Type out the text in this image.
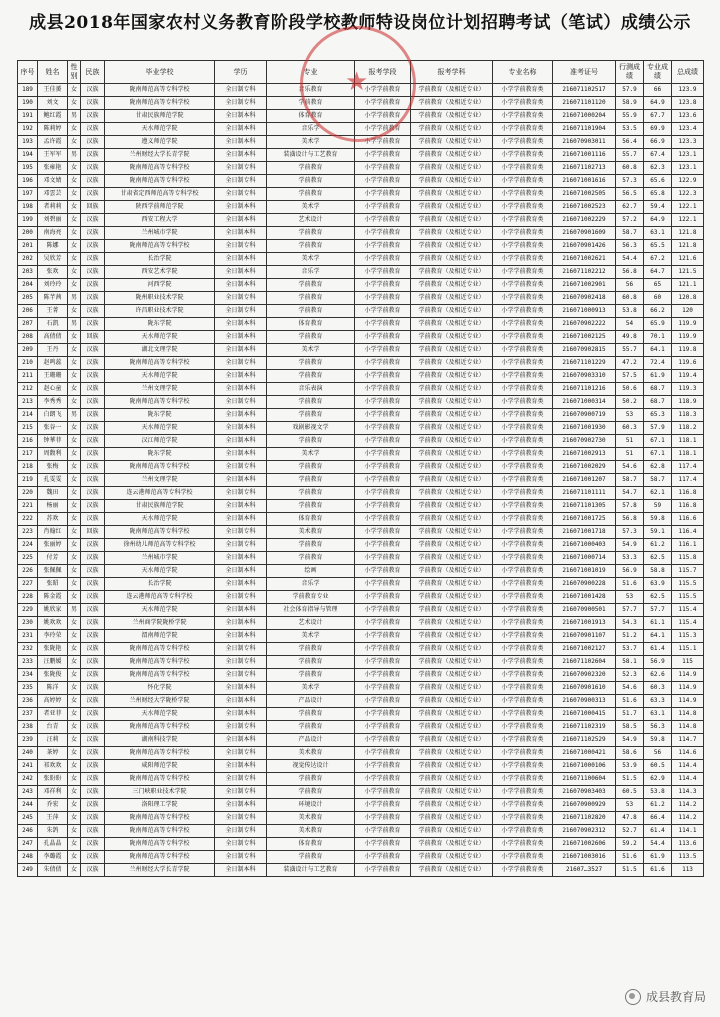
成县2018年国家农村义务教育阶段学校教师特设岗位计划招聘考试（笔试）成绩公示
序号	姓名	性别	民族	毕业学校	学历	专业	报考学段	报考学科	专业名称	准考证号	行测成绩	专业成绩	总成绩
189	王佳赟	女	汉族	陇南师范高等专科学校	全日制专科	音乐教育	小学学前教育	学前教育（及相近专业）	小学学前教育类	216071102517	57.9	66	123.9
190	刘文	女	汉族	陇南师范高等专科学校	全日制专科	学前教育	小学学前教育	学前教育（及相近专业）	小学学前教育类	216071101120	58.9	64.9	123.8
191	鲍红霞	男	汉族	甘肃民族师范学院	全日制本科	体育教育	小学学前教育	学前教育（及相近专业）	小学学前教育类	216071000204	55.9	67.7	123.6
192	陈莉婷	女	汉族	天水师范学院	全日制本科	音乐学	小学学前教育	学前教育（及相近专业）	小学学前教育类	216071101904	53.5	69.9	123.4
193	孟许霞	女	汉族	遵义师范学院	全日制本科	美术学	小学学前教育	学前教育（及相近专业）	小学学前教育类	216070903011	56.4	66.9	123.3
194	王军军	男	汉族	兰州财经大学长青学院	全日制本科	装潢设计与工艺教育	小学学前教育	学前教育（及相近专业）	小学学前教育类	216071001116	55.7	67.4	123.1
195	张雍艳	女	汉族	陇南师范高等专科学校	全日制专科	学前教育	小学学前教育	学前教育（及相近专业）	小学学前教育类	216071102713	60.8	62.3	123.1
196	邓文婧	女	汉族	陇南师范高等专科学校	全日制专科	学前教育	小学学前教育	学前教育（及相近专业）	小学学前教育类	216071001616	57.3	65.6	122.9
197	邓雲芸	女	汉族	甘肃省定西师范高等专科学校	全日制专科	学前教育	小学学前教育	学前教育（及相近专业）	小学学前教育类	216071002505	56.5	65.8	122.3
198	者莉莉	女	回族	陕西学前师范学院	全日制本科	美术学	小学学前教育	学前教育（及相近专业）	小学学前教育类	216071002523	62.7	59.4	122.1
199	刘碧丽	女	汉族	西安工程大学	全日制本科	艺术设计	小学学前教育	学前教育（及相近专业）	小学学前教育类	216071002229	57.2	64.9	122.1
200	南海亮	女	汉族	兰州城市学院	全日制本科	学前教育	小学学前教育	学前教育（及相近专业）	小学学前教育类	216070901609	58.7	63.1	121.8
201	陈娜	女	汉族	陇南师范高等专科学校	全日制专科	学前教育	小学学前教育	学前教育（及相近专业）	小学学前教育类	216070901426	56.3	65.5	121.8
202	吴欣芳	女	汉族	长治学院	全日制本科	美术学	小学学前教育	学前教育（及相近专业）	小学学前教育类	216071002621	54.4	67.2	121.6
203	张欢	女	汉族	西安艺术学院	全日制本科	音乐学	小学学前教育	学前教育（及相近专业）	小学学前教育类	216071102212	56.8	64.7	121.5
204	刘玲玲	女	汉族	河西学院	全日制本科	学前教育	小学学前教育	学前教育（及相近专业）	小学学前教育类	216071002901	56	65	121.1
205	陈芊茜	男	汉族	陇州职业技术学院	全日制专科	学前教育	小学学前教育	学前教育（及相近专业）	小学学前教育类	216070902418	60.8	60	120.8
206	王菁	女	汉族	许昌职业技术学院	全日制专科	学前教育	小学学前教育	学前教育（及相近专业）	小学学前教育类	216071000913	53.8	66.2	120
207	石凯	男	汉族	陇东学院	全日制本科	体育教育	小学学前教育	学前教育（及相近专业）	小学学前教育类	216070902222	54	65.9	119.9
208	高倩倩	女	回族	天水师范学院	全日制本科	学前教育	小学学前教育	学前教育（及相近专业）	小学学前教育类	216071002125	49.8	70.1	119.9
209	王丹	女	汉族	湖北文理学院	全日制本科	美术学	小学学前教育	学前教育（及相近专业）	小学学前教育类	216070902815	55.7	64.1	119.8
210	赵鸣蕊	女	汉族	陇南师范高等专科学校	全日制专科	学前教育	小学学前教育	学前教育（及相近专业）	小学学前教育类	216071101229	47.2	72.4	119.6
211	王珊珊	女	汉族	天水师范学院	全日制本科	学前教育	小学学前教育	学前教育（及相近专业）	小学学前教育类	216070903310	57.5	61.9	119.4
212	赵心童	女	汉族	兰州文理学院	全日制本科	音乐表演	小学学前教育	学前教育（及相近专业）	小学学前教育类	216071101216	50.6	68.7	119.3
213	李秀秀	女	汉族	陇南师范高等专科学校	全日制专科	学前教育	小学学前教育	学前教育（及相近专业）	小学学前教育类	216071000314	50.2	68.7	118.9
214	白朗飞	男	汉族	陇东学院	全日制本科	学前教育	小学学前教育	学前教育（及相近专业）	小学学前教育类	216070900719	53	65.3	118.3
215	张谷一	女	汉族	天水师范学院	全日制本科	戏剧影视文学	小学学前教育	学前教育（及相近专业）	小学学前教育类	216071001930	60.3	57.9	118.2
216	钟華菲	女	汉族	汉江师范学院	全日制本科	学前教育	小学学前教育	学前教育（及相近专业）	小学学前教育类	216070902730	51	67.1	118.1
217	周馥利	女	汉族	陇东学院	全日制本科	美术学	小学学前教育	学前教育（及相近专业）	小学学前教育类	216071002913	51	67.1	118.1
218	张梅	女	汉族	陇南师范高等专科学校	全日制专科	学前教育	小学学前教育	学前教育（及相近专业）	小学学前教育类	216071002029	54.6	62.8	117.4
219	孔雯雯	女	汉族	兰州文理学院	全日制本科	学前教育	小学学前教育	学前教育（及相近专业）	小学学前教育类	216071001207	58.7	58.7	117.4
220	魏田	女	汉族	连云港师范高等专科学校	全日制专科	学前教育	小学学前教育	学前教育（及相近专业）	小学学前教育类	216071101111	54.7	62.1	116.8
221	杨丽	女	汉族	甘肃民族师范学院	全日制本科	学前教育	小学学前教育	学前教育（及相近专业）	小学学前教育类	216071101305	57.8	59	116.8
222	苏欢	女	汉族	天水师范学院	全日制本科	体育教育	小学学前教育	学前教育（及相近专业）	小学学前教育类	216071001725	56.8	59.8	116.6
223	肖翰红	女	回族	陇南师范高等专科学校	全日制专科	美术教育	小学学前教育	学前教育（及相近专业）	小学学前教育类	216071001718	57.3	59.1	116.4
224	张丽婷	女	汉族	徐州幼儿师范高等专科学校	全日制专科	学前教育	小学学前教育	学前教育（及相近专业）	小学学前教育类	216071000403	54.9	61.2	116.1
225	付芳	女	汉族	兰州城市学院	全日制本科	学前教育	小学学前教育	学前教育（及相近专业）	小学学前教育类	216071000714	53.3	62.5	115.8
226	张佩佩	女	汉族	天水师范学院	全日制本科	绘画	小学学前教育	学前教育（及相近专业）	小学学前教育类	216071001019	56.9	58.8	115.7
227	张昭	女	汉族	长治学院	全日制本科	音乐学	小学学前教育	学前教育（及相近专业）	小学学前教育类	216070900228	51.6	63.9	115.5
228	陈金霞	女	汉族	连云港师范高等专科学校	全日制专科	学前教育专业	小学学前教育	学前教育（及相近专业）	小学学前教育类	216071001428	53	62.5	115.5
229	姚欣家	男	汉族	天水师范学院	全日制本科	社会体育指导与管理	小学学前教育	学前教育（及相近专业）	小学学前教育类	216070900501	57.7	57.7	115.4
230	姚欢欢	女	汉族	兰州商学院陇桥学院	全日制本科	艺术设计	小学学前教育	学前教育（及相近专业）	小学学前教育类	216071001913	54.3	61.1	115.4
231	李玲荣	女	汉族	渭南师范学院	全日制本科	美术学	小学学前教育	学前教育（及相近专业）	小学学前教育类	216070901107	51.2	64.1	115.3
232	张陇艳	女	汉族	陇南师范高等专科学校	全日制专科	学前教育	小学学前教育	学前教育（及相近专业）	小学学前教育类	216071002127	53.7	61.4	115.1
233	汪鹏媛	女	汉族	陇南师范高等专科学校	全日制专科	学前教育	小学学前教育	学前教育（及相近专业）	小学学前教育类	216071102604	58.1	56.9	115
234	张陇俊	女	汉族	陇南师范高等专科学校	全日制专科	学前教育	小学学前教育	学前教育（及相近专业）	小学学前教育类	216070902320	52.3	62.6	114.9
235	陈洋	女	汉族	怀化学院	全日制本科	美术学	小学学前教育	学前教育（及相近专业）	小学学前教育类	216070901610	54.6	60.3	114.9
236	高婷婷	女	汉族	兰州财经大学陇桥学院	全日制本科	产品设计	小学学前教育	学前教育（及相近专业）	小学学前教育类	216070900313	51.6	63.3	114.9
237	者亚菲	女	汉族	天水师范学院	全日制本科	学前教育	小学学前教育	学前教育（及相近专业）	小学学前教育类	216071000415	51.7	63.1	114.8
238	台青	女	汉族	陇南师范高等专科学校	全日制专科	学前教育	小学学前教育	学前教育（及相近专业）	小学学前教育类	216071102319	58.5	56.3	114.8
239	汪莉	女	汉族	湖南科技学院	全日制本科	产品设计	小学学前教育	学前教育（及相近专业）	小学学前教育类	216071102529	54.9	59.8	114.7
240	茶婷	女	汉族	陇南师范高等专科学校	全日制专科	美术教育	小学学前教育	学前教育（及相近专业）	小学学前教育类	216071000421	58.6	56	114.6
241	祁欢欢	女	汉族	咸阳师范学院	全日制本科	视觉传达设计	小学学前教育	学前教育（及相近专业）	小学学前教育类	216071000106	53.9	60.5	114.4
242	张盼盼	女	汉族	陇南师范高等专科学校	全日制专科	学前教育	小学学前教育	学前教育（及相近专业）	小学学前教育类	216071100604	51.5	62.9	114.4
243	邓祥利	女	汉族	三门峡职业技术学院	全日制专科	学前教育	小学学前教育	学前教育（及相近专业）	小学学前教育类	216070903403	60.5	53.8	114.3
244	乔宏	女	汉族	洛阳理工学院	全日制本科	环境设计	小学学前教育	学前教育（及相近专业）	小学学前教育类	216070900929	53	61.2	114.2
245	王萍	女	汉族	陇南师范高等专科学校	全日制专科	美术教育	小学学前教育	学前教育（及相近专业）	小学学前教育类	216071102820	47.8	66.4	114.2
246	朱鸽	女	汉族	陇南师范高等专科学校	全日制专科	美术教育	小学学前教育	学前教育（及相近专业）	小学学前教育类	216070902312	52.7	61.4	114.1
247	孔晶晶	女	汉族	陇南师范高等专科学校	全日制专科	体育教育	小学学前教育	学前教育（及相近专业）	小学学前教育类	216071002606	59.2	54.4	113.6
248	李璐霞	女	汉族	陇南师范高等专科学校	全日制专科	学前教育	小学学前教育	学前教育（及相近专业）	小学学前教育类	216071003016	51.6	61.9	113.5
249	朱倩倩	女	汉族	兰州财经大学长青学院	全日制本科	装潢设计与工艺教育	小学学前教育	学前教育（及相近专业）	小学学前教育类	21607…3527	51.5	61.6	113
★
成县教育局
